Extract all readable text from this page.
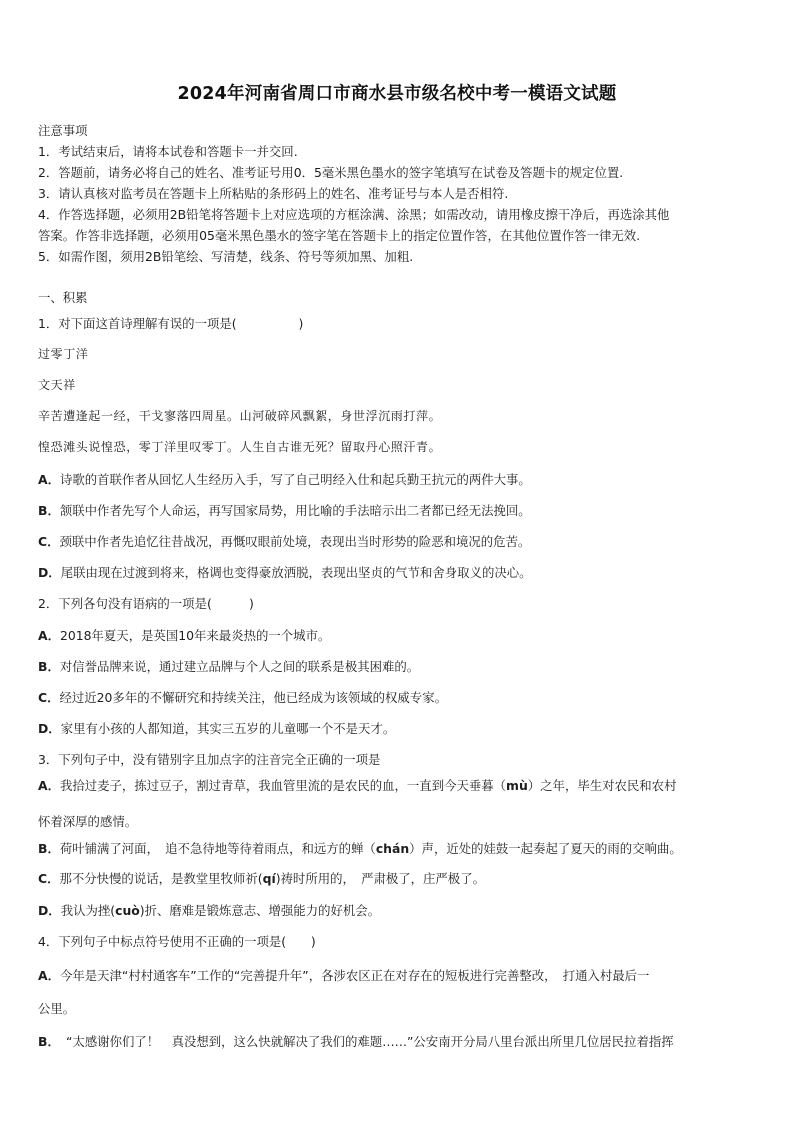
2024年河南省周口市商水县市级名校中考一模语文试题
注意事项
1．考试结束后，请将本试卷和答题卡一并交回.
2．答题前，请务必将自己的姓名、准考证号用0．5毫米黑色墨水的签字笔填写在试卷及答题卡的规定位置.
3．请认真核对监考员在答题卡上所粘贴的条形码上的姓名、准考证号与本人是否相符.
4．作答选择题，必须用2B铅笔将答题卡上对应选项的方框涂满、涂黑；如需改动，请用橡皮擦干净后，再选涂其他
答案。作答非选择题，必须用05毫米黑色墨水的签字笔在答题卡上的指定位置作答，在其他位置作答一律无效.
5．如需作图，须用2B铅笔绘、写清楚，线条、符号等须加黑、加粗.
一、积累
1．对下面这首诗理解有误的一项是(　　　　　)
过零丁洋
文天祥
辛苦遭逢起一经，干戈寥落四周星。山河破碎风飘絮，身世浮沉雨打萍。
惶恐滩头说惶恐，零丁洋里叹零丁。人生自古谁无死？留取丹心照汗青。
A．诗歌的首联作者从回忆人生经历入手，写了自己明经入仕和起兵勤王抗元的两件大事。
B．颔联中作者先写个人命运，再写国家局势，用比喻的手法暗示出二者都已经无法挽回。
C．颈联中作者先追忆往昔战况，再慨叹眼前处境，表现出当时形势的险恶和境况的危苦。
D．尾联由现在过渡到将来，格调也变得豪放洒脱，表现出坚贞的气节和舍身取义的决心。
2．下列各句没有语病的一项是(　　　)
A．2018年夏天，是英国10年来最炎热的一个城市。
B．对信誉品牌来说，通过建立品牌与个人之间的联系是极其困难的。
C．经过近20多年的不懈研究和持续关注，他已经成为该领域的权威专家。
D．家里有小孩的人都知道，其实三五岁的儿童哪一个不是天才。
3．下列句子中，没有错别字且加点字的注音完全正确的一项是
A．我拾过麦子，拣过豆子，割过青草，我血管里流的是农民的血，一直到今天垂暮（mù）之年，毕生对农民和农村
怀着深厚的感情。
B．荷叶铺满了河面，　追不急待地等待着雨点，和远方的蝉（chán）声，近处的娃鼓一起奏起了夏天的雨的交响曲。
C．那不分快慢的说话，是教堂里牧师祈(qí)祷时所用的，　严肃极了，庄严极了。
D．我认为挫(cuò)折、磨难是锻炼意志、增强能力的好机会。
4．下列句子中标点符号使用不正确的一项是(　　)
A．今年是天津“村村通客车”工作的“完善提升年”，各涉农区正在对存在的短板进行完善整改，　打通入村最后一
公里。
B．　“太感谢你们了！　真没想到，这么快就解决了我们的难题……”公安南开分局八里台派出所里几位居民拉着指挥
